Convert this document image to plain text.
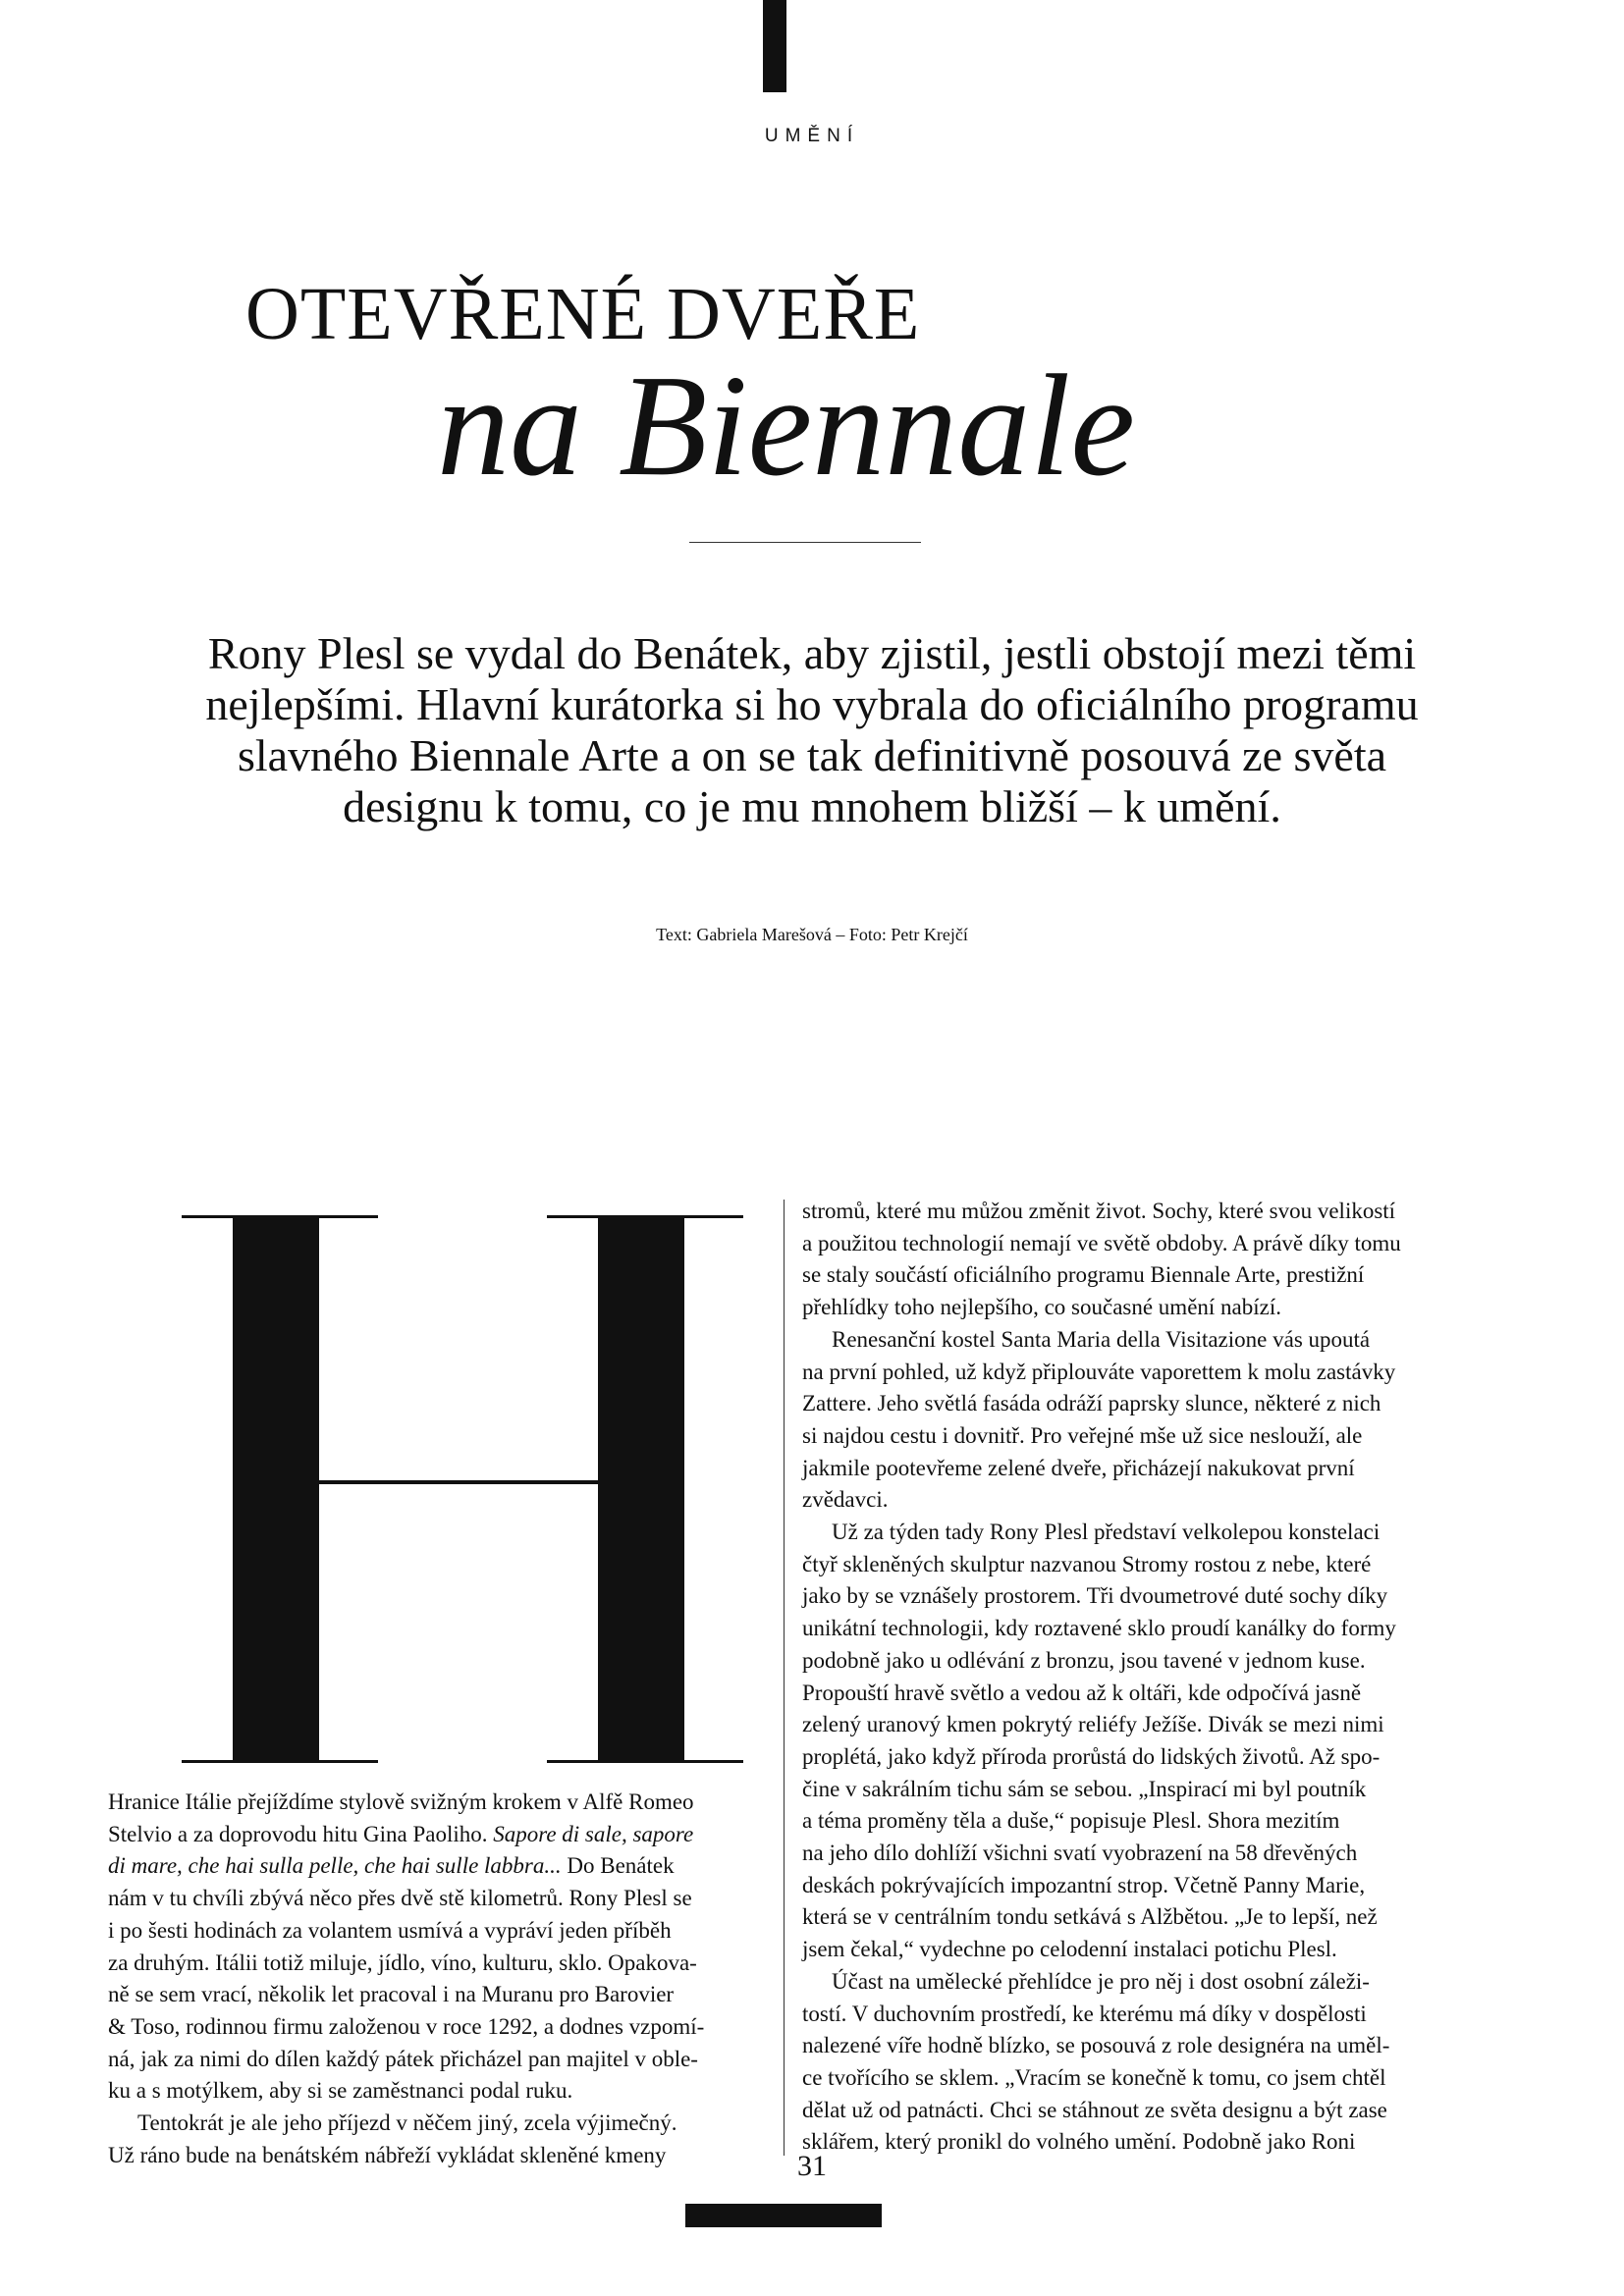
UMĚNÍ
OTEVŘENÉ DVEŘE
na Biennale
Rony Plesl se vydal do Benátek, aby zjistil, jestli obstojí mezi těmi
nejlepšími. Hlavní kurátorka si ho vybrala do oficiálního programu
slavného Biennale Arte a on se tak definitivně posouvá ze světa
designu k tomu, co je mu mnohem bližší – k umění.
Text: Gabriela Marešová – Foto: Petr Krejčí
Hranice Itálie přejíždíme stylově svižným krokem v Alfě Romeo
Stelvio a za doprovodu hitu Gina Paoliho. Sapore di sale, sapore
di mare, che hai sulla pelle, che hai sulle labbra... Do Benátek
nám v tu chvíli zbývá něco přes dvě stě kilometrů. Rony Plesl se
i po šesti hodinách za volantem usmívá a vypráví jeden příběh
za druhým. Itálii totiž miluje, jídlo, víno, kulturu, sklo. Opakova-
ně se sem vrací, několik let pracoval i na Muranu pro Barovier
& Toso, rodinnou firmu založenou v roce 1292, a dodnes vzpomí-
ná, jak za nimi do dílen každý pátek přicházel pan majitel v oble-
ku a s motýlkem, aby si se zaměstnanci podal ruku.
Tentokrát je ale jeho příjezd v něčem jiný, zcela výjimečný.
Už ráno bude na benátském nábřeží vykládat skleněné kmeny
stromů, které mu můžou změnit život. Sochy, které svou velikostí
a použitou technologií nemají ve světě obdoby. A právě díky tomu
se staly součástí oficiálního programu Biennale Arte, prestižní
přehlídky toho nejlepšího, co současné umění nabízí.
Renesanční kostel Santa Maria della Visitazione vás upoutá
na první pohled, už když připlouváte vaporettem k molu zastávky
Zattere. Jeho světlá fasáda odráží paprsky slunce, některé z nich
si najdou cestu i dovnitř. Pro veřejné mše už sice neslouží, ale
jakmile pootevřeme zelené dveře, přicházejí nakukovat první
zvědavci.
Už za týden tady Rony Plesl představí velkolepou konstelaci
čtyř skleněných skulptur nazvanou Stromy rostou z nebe, které
jako by se vznášely prostorem. Tři dvoumetrové duté sochy díky
unikátní technologii, kdy roztavené sklo proudí kanálky do formy
podobně jako u odlévání z bronzu, jsou tavené v jednom kuse.
Propouští hravě světlo a vedou až k oltáři, kde odpočívá jasně
zelený uranový kmen pokrytý reliéfy Ježíše. Divák se mezi nimi
proplétá, jako když příroda prorůstá do lidských životů. Až spo-
čine v sakrálním tichu sám se sebou. „Inspirací mi byl poutník
a téma proměny těla a duše,“ popisuje Plesl. Shora mezitím
na jeho dílo dohlíží všichni svatí vyobrazení na 58 dřevěných
deskách pokrývajících impozantní strop. Včetně Panny Marie,
která se v centrálním tondu setkává s Alžbětou. „Je to lepší, než
jsem čekal,“ vydechne po celodenní instalaci potichu Plesl.
Účast na umělecké přehlídce je pro něj i dost osobní záleži-
tostí. V duchovním prostředí, ke kterému má díky v dospělosti
nalezené víře hodně blízko, se posouvá z role designéra na uměl-
ce tvořícího se sklem. „Vracím se konečně k tomu, co jsem chtěl
dělat už od patnácti. Chci se stáhnout ze světa designu a být zase
sklářem, který pronikl do volného umění. Podobně jako Roni
31
